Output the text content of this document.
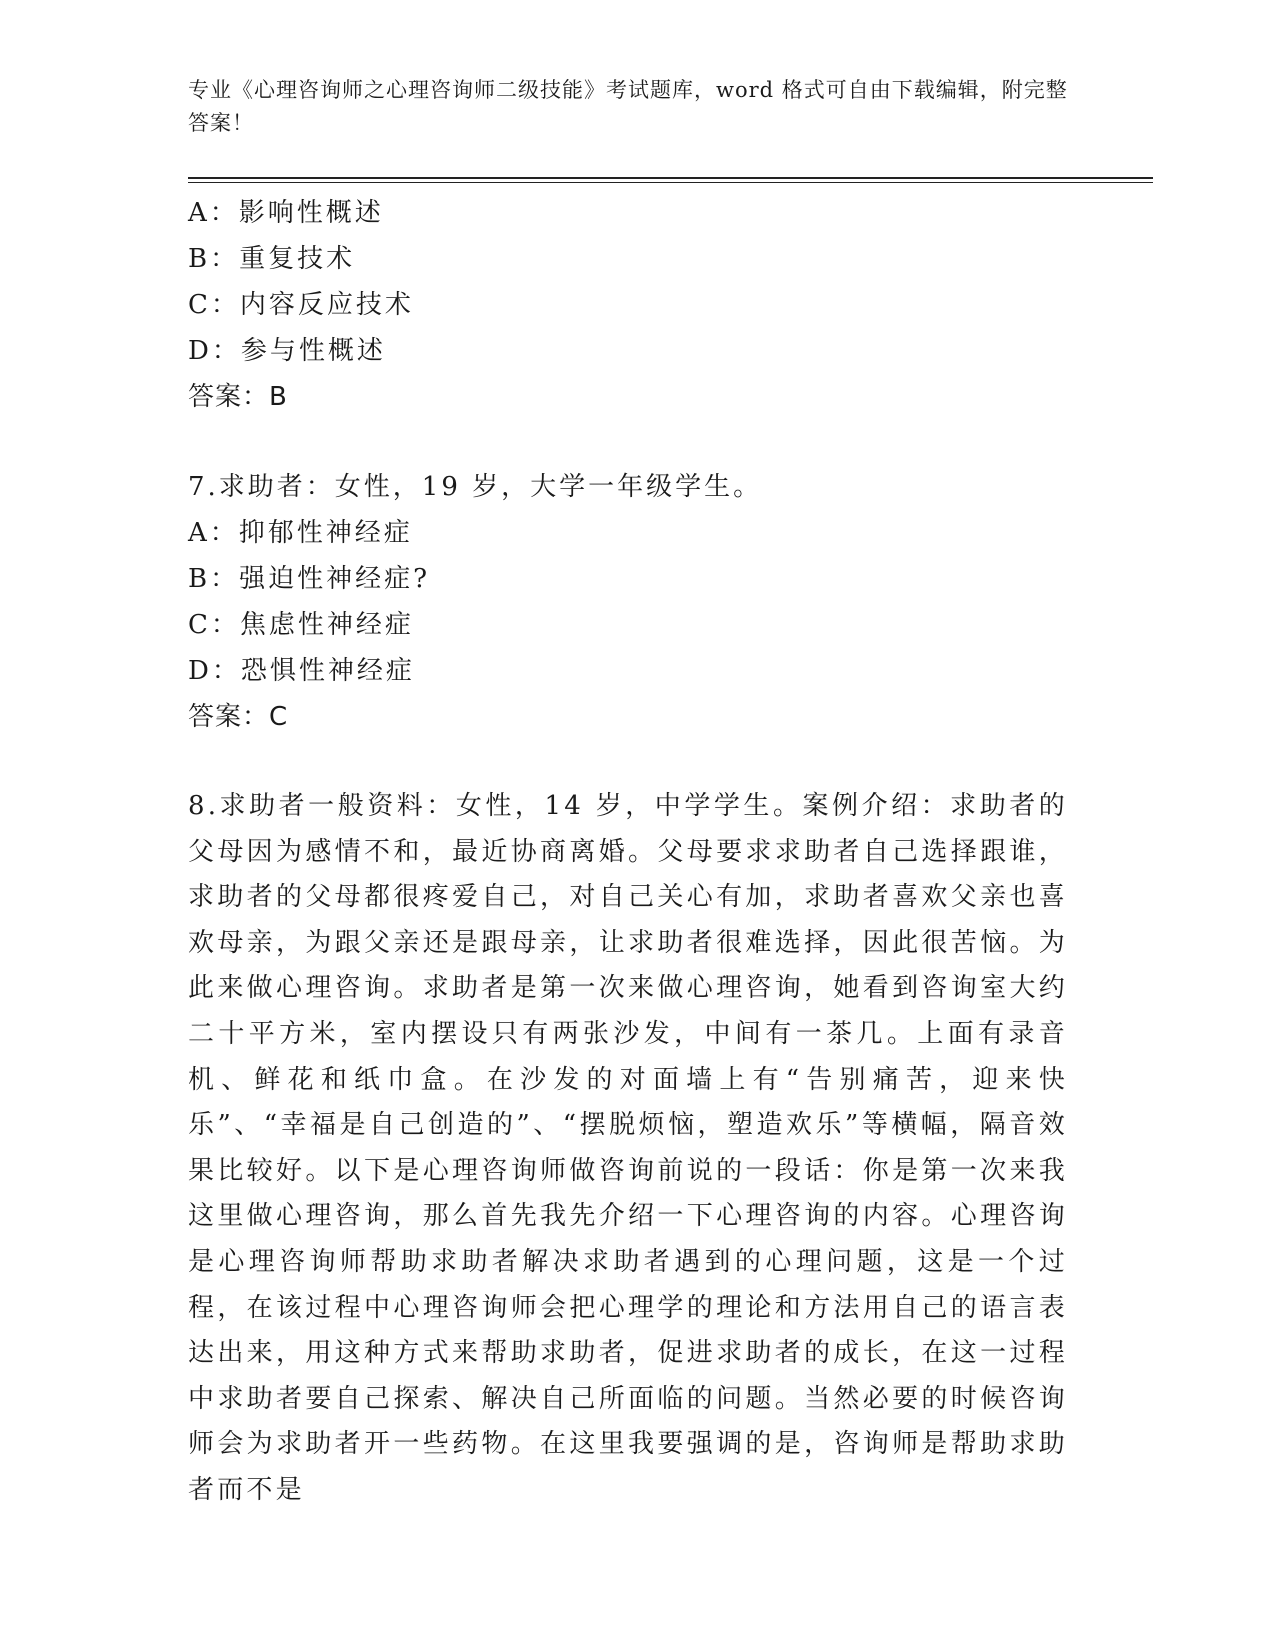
专业《心理咨询师之心理咨询师二级技能》考试题库，word 格式可自由下载编辑，附完整答案！
A：影响性概述
B：重复技术
C：内容反应技术
D：参与性概述
答案：B
7.求助者：女性，19 岁，大学一年级学生。
A：抑郁性神经症
B：强迫性神经症?
C：焦虑性神经症
D：恐惧性神经症
答案：C
8.求助者一般资料：女性，14 岁，中学学生。案例介绍：求助者的父母因为感情不和，最近协商离婚。父母要求求助者自己选择跟谁，求助者的父母都很疼爱自己，对自己关心有加，求助者喜欢父亲也喜欢母亲，为跟父亲还是跟母亲，让求助者很难选择，因此很苦恼。为此来做心理咨询。求助者是第一次来做心理咨询，她看到咨询室大约二十平方米，室内摆设只有两张沙发，中间有一茶几。上面有录音机、鲜花和纸巾盒。在沙发的对面墙上有“告别痛苦，迎来快乐”、“幸福是自己创造的”、“摆脱烦恼，塑造欢乐”等横幅，隔音效果比较好。以下是心理咨询师做咨询前说的一段话：你是第一次来我这里做心理咨询，那么首先我先介绍一下心理咨询的内容。心理咨询是心理咨询师帮助求助者解决求助者遇到的心理问题，这是一个过程，在该过程中心理咨询师会把心理学的理论和方法用自己的语言表达出来，用这种方式来帮助求助者，促进求助者的成长，在这一过程中求助者要自己探索、解决自己所面临的问题。当然必要的时候咨询师会为求助者开一些药物。在这里我要强调的是，咨询师是帮助求助者而不是
